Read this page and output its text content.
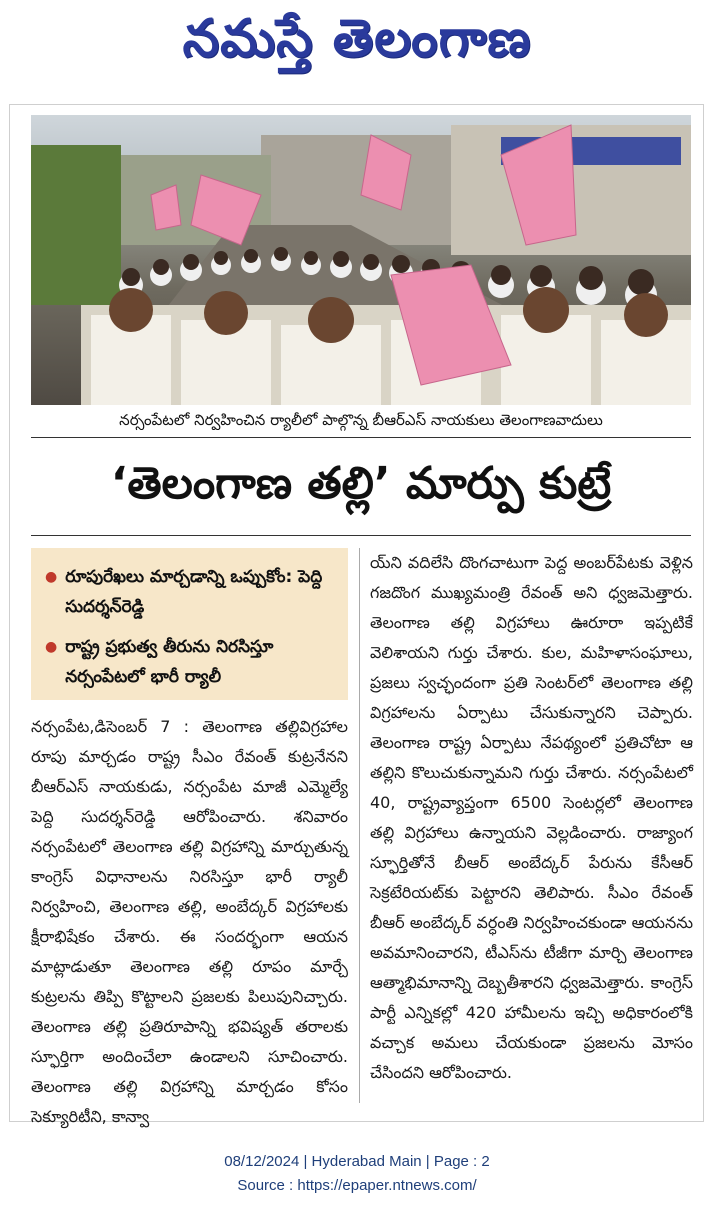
నమస్తే తెలంగాణ
నర్సంపేటలో నిర్వహించిన ర్యాలీలో పాల్గొన్న బీఆర్ఎస్ నాయకులు తెలంగాణవాదులు
‘తెలంగాణ తల్లి’ మార్పు కుట్రే
● రూపురేఖలు మార్చడాన్ని ఒప్పుకోం: పెద్ది సుదర్శన్‌రెడ్డి
● రాష్ట్ర ప్రభుత్వ తీరును నిరసిస్తూ నర్సంపేటలో భారీ ర్యాలీ
నర్సంపేట,డిసెంబర్ 7 : తెలంగాణ తల్లివిగ్రహాల రూపు మార్చడం రాష్ట్ర సీఎం రేవంత్ కుట్రనేనని బీఆర్ఎస్ నాయకుడు, నర్సంపేట మాజీ ఎమ్మెల్యే పెద్ది సుదర్శన్‌రెడ్డి ఆరోపించారు. శనివారం నర్సంపేటలో తెలంగాణ తల్లి విగ్రహాన్ని మార్చుతున్న కాంగ్రెస్ విధానాలను నిరసిస్తూ భారీ ర్యాలీ నిర్వహించి, తెలంగాణ తల్లి, అంబేద్కర్ విగ్రహాలకు క్షీరాభిషేకం చేశారు. ఈ సందర్భంగా ఆయన మాట్లాడుతూ తెలంగాణ తల్లి రూపం మార్చే కుట్రలను తిప్పి కొట్టాలని ప్రజలకు పిలుపునిచ్చారు. తెలంగాణ తల్లి ప్రతిరూపాన్ని భవిష్యత్ తరాలకు స్ఫూర్తిగా అందించేలా ఉండాలని సూచించారు. తెలంగాణ తల్లి విగ్రహాన్ని మార్చడం కోసం సెక్యూరిటీని, కాన్వా
య్‌ని వదిలేసి దొంగచాటుగా పెద్ద అంబర్‌పేటకు వెళ్లిన గజదొంగ ముఖ్యమంత్రి రేవంత్ అని ధ్వజమెత్తారు. తెలంగాణ తల్లి విగ్రహాలు ఊరూరా ఇప్పటికే వెలిశాయని గుర్తు చేశారు. కుల, మహిళాసంఘాలు, ప్రజలు స్వచ్ఛందంగా ప్రతి సెంటర్‌లో తెలంగాణ తల్లి విగ్రహాలను ఏర్పాటు చేసుకున్నారని చెప్పారు. తెలంగాణ రాష్ట్ర ఏర్పాటు నేపథ్యంలో ప్రతిచోటా ఆ తల్లిని కొలుచుకున్నామని గుర్తు చేశారు. నర్సంపేటలో 40, రాష్ట్రవ్యాప్తంగా 6500 సెంటర్లలో తెలంగాణ తల్లి విగ్రహాలు ఉన్నాయని వెల్లడించారు. రాజ్యాంగ స్ఫూర్తితోనే బీఆర్ అంబేద్కర్ పేరును కేసీఆర్ సెక్రటేరియట్‌కు పెట్టారని తెలిపారు. సీఎం రేవంత్ బీఆర్ అంబేద్కర్ వర్ధంతి నిర్వహించకుండా ఆయనను అవమానించారని, టీఎస్‌ను టీజీగా మార్చి తెలంగాణ ఆత్మాభిమానాన్ని దెబ్బతీశారని ధ్వజమెత్తారు. కాంగ్రెస్ పార్టీ ఎన్నికల్లో 420 హామీలను ఇచ్చి అధికారంలోకి వచ్చాక అమలు చేయకుండా ప్రజలను మోసం చేసిందని ఆరోపించారు.
08/12/2024 | Hyderabad Main | Page : 2
Source : https://epaper.ntnews.com/
